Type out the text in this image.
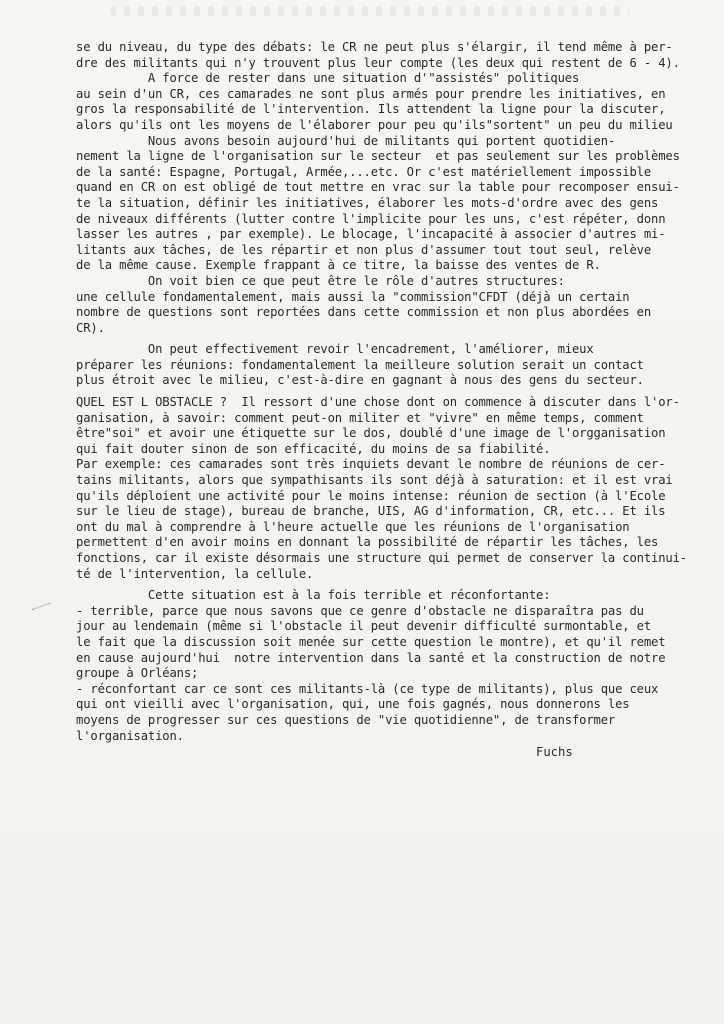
se du niveau, du type des débats: le CR ne peut plus s'élargir, il tend même à per-
dre des militants qui n'y trouvent plus leur compte (les deux qui restent de 6 - 4).
A force de rester dans une situation d'"assistés" politiques
au sein d'un CR, ces camarades ne sont plus armés pour prendre les initiatives, en
gros la responsabilité de l'intervention. Ils attendent la ligne pour la discuter,
alors qu'ils ont les moyens de l'élaborer pour peu qu'ils"sortent" un peu du milieu
Nous avons besoin aujourd'hui de militants qui portent quotidien-
nement la ligne de l'organisation sur le secteur  et pas seulement sur les problèmes
de la santé: Espagne, Portugal, Armée,...etc. Or c'est matériellement impossible
quand en CR on est obligé de tout mettre en vrac sur la table pour recomposer ensui-
te la situation, définir les initiatives, élaborer les mots-d'ordre avec des gens
de niveaux différents (lutter contre l'implicite pour les uns, c'est répéter, donn
lasser les autres , par exemple). Le blocage, l'incapacité à associer d'autres mi-
litants aux tâches, de les répartir et non plus d'assumer tout tout seul, relève
de la même cause. Exemple frappant à ce titre, la baisse des ventes de R.
On voit bien ce que peut être le rôle d'autres structures:
une cellule fondamentalement, mais aussi la "commission"CFDT (déjà un certain
nombre de questions sont reportées dans cette commission et non plus abordées en
CR).
On peut effectivement revoir l'encadrement, l'améliorer, mieux
préparer les réunions: fondamentalement la meilleure solution serait un contact
plus étroit avec le milieu, c'est-à-dire en gagnant à nous des gens du secteur.
QUEL EST L OBSTACLE ?  Il ressort d'une chose dont on commence à discuter dans l'or-
ganisation, à savoir: comment peut-on militer et "vivre" en même temps, comment
être"soi" et avoir une étiquette sur le dos, doublé d'une image de l'orgganisation
qui fait douter sinon de son efficacité, du moins de sa fiabilité.
Par exemple: ces camarades sont très inquiets devant le nombre de réunions de cer-
tains militants, alors que sympathisants ils sont déjà à saturation: et il est vrai
qu'ils déploient une activité pour le moins intense: réunion de section (à l'Ecole
sur le lieu de stage), bureau de branche, UIS, AG d'information, CR, etc... Et ils
ont du mal à comprendre à l'heure actuelle que les réunions de l'organisation
permettent d'en avoir moins en donnant la possibilité de répartir les tâches, les
fonctions, car il existe désormais une structure qui permet de conserver la continui-
té de l'intervention, la cellule.
Cette situation est à la fois terrible et réconfortante:
- terrible, parce que nous savons que ce genre d'obstacle ne disparaîtra pas du
jour au lendemain (même si l'obstacle il peut devenir difficulté surmontable, et
le fait que la discussion soit menée sur cette question le montre), et qu'il remet
en cause aujourd'hui  notre intervention dans la santé et la construction de notre
groupe à Orléans;
- réconfortant car ce sont ces militants-là (ce type de militants), plus que ceux
qui ont vieilli avec l'organisation, qui, une fois gagnés, nous donnerons les
moyens de progresser sur ces questions de "vie quotidienne", de transformer
l'organisation.
Fuchs
